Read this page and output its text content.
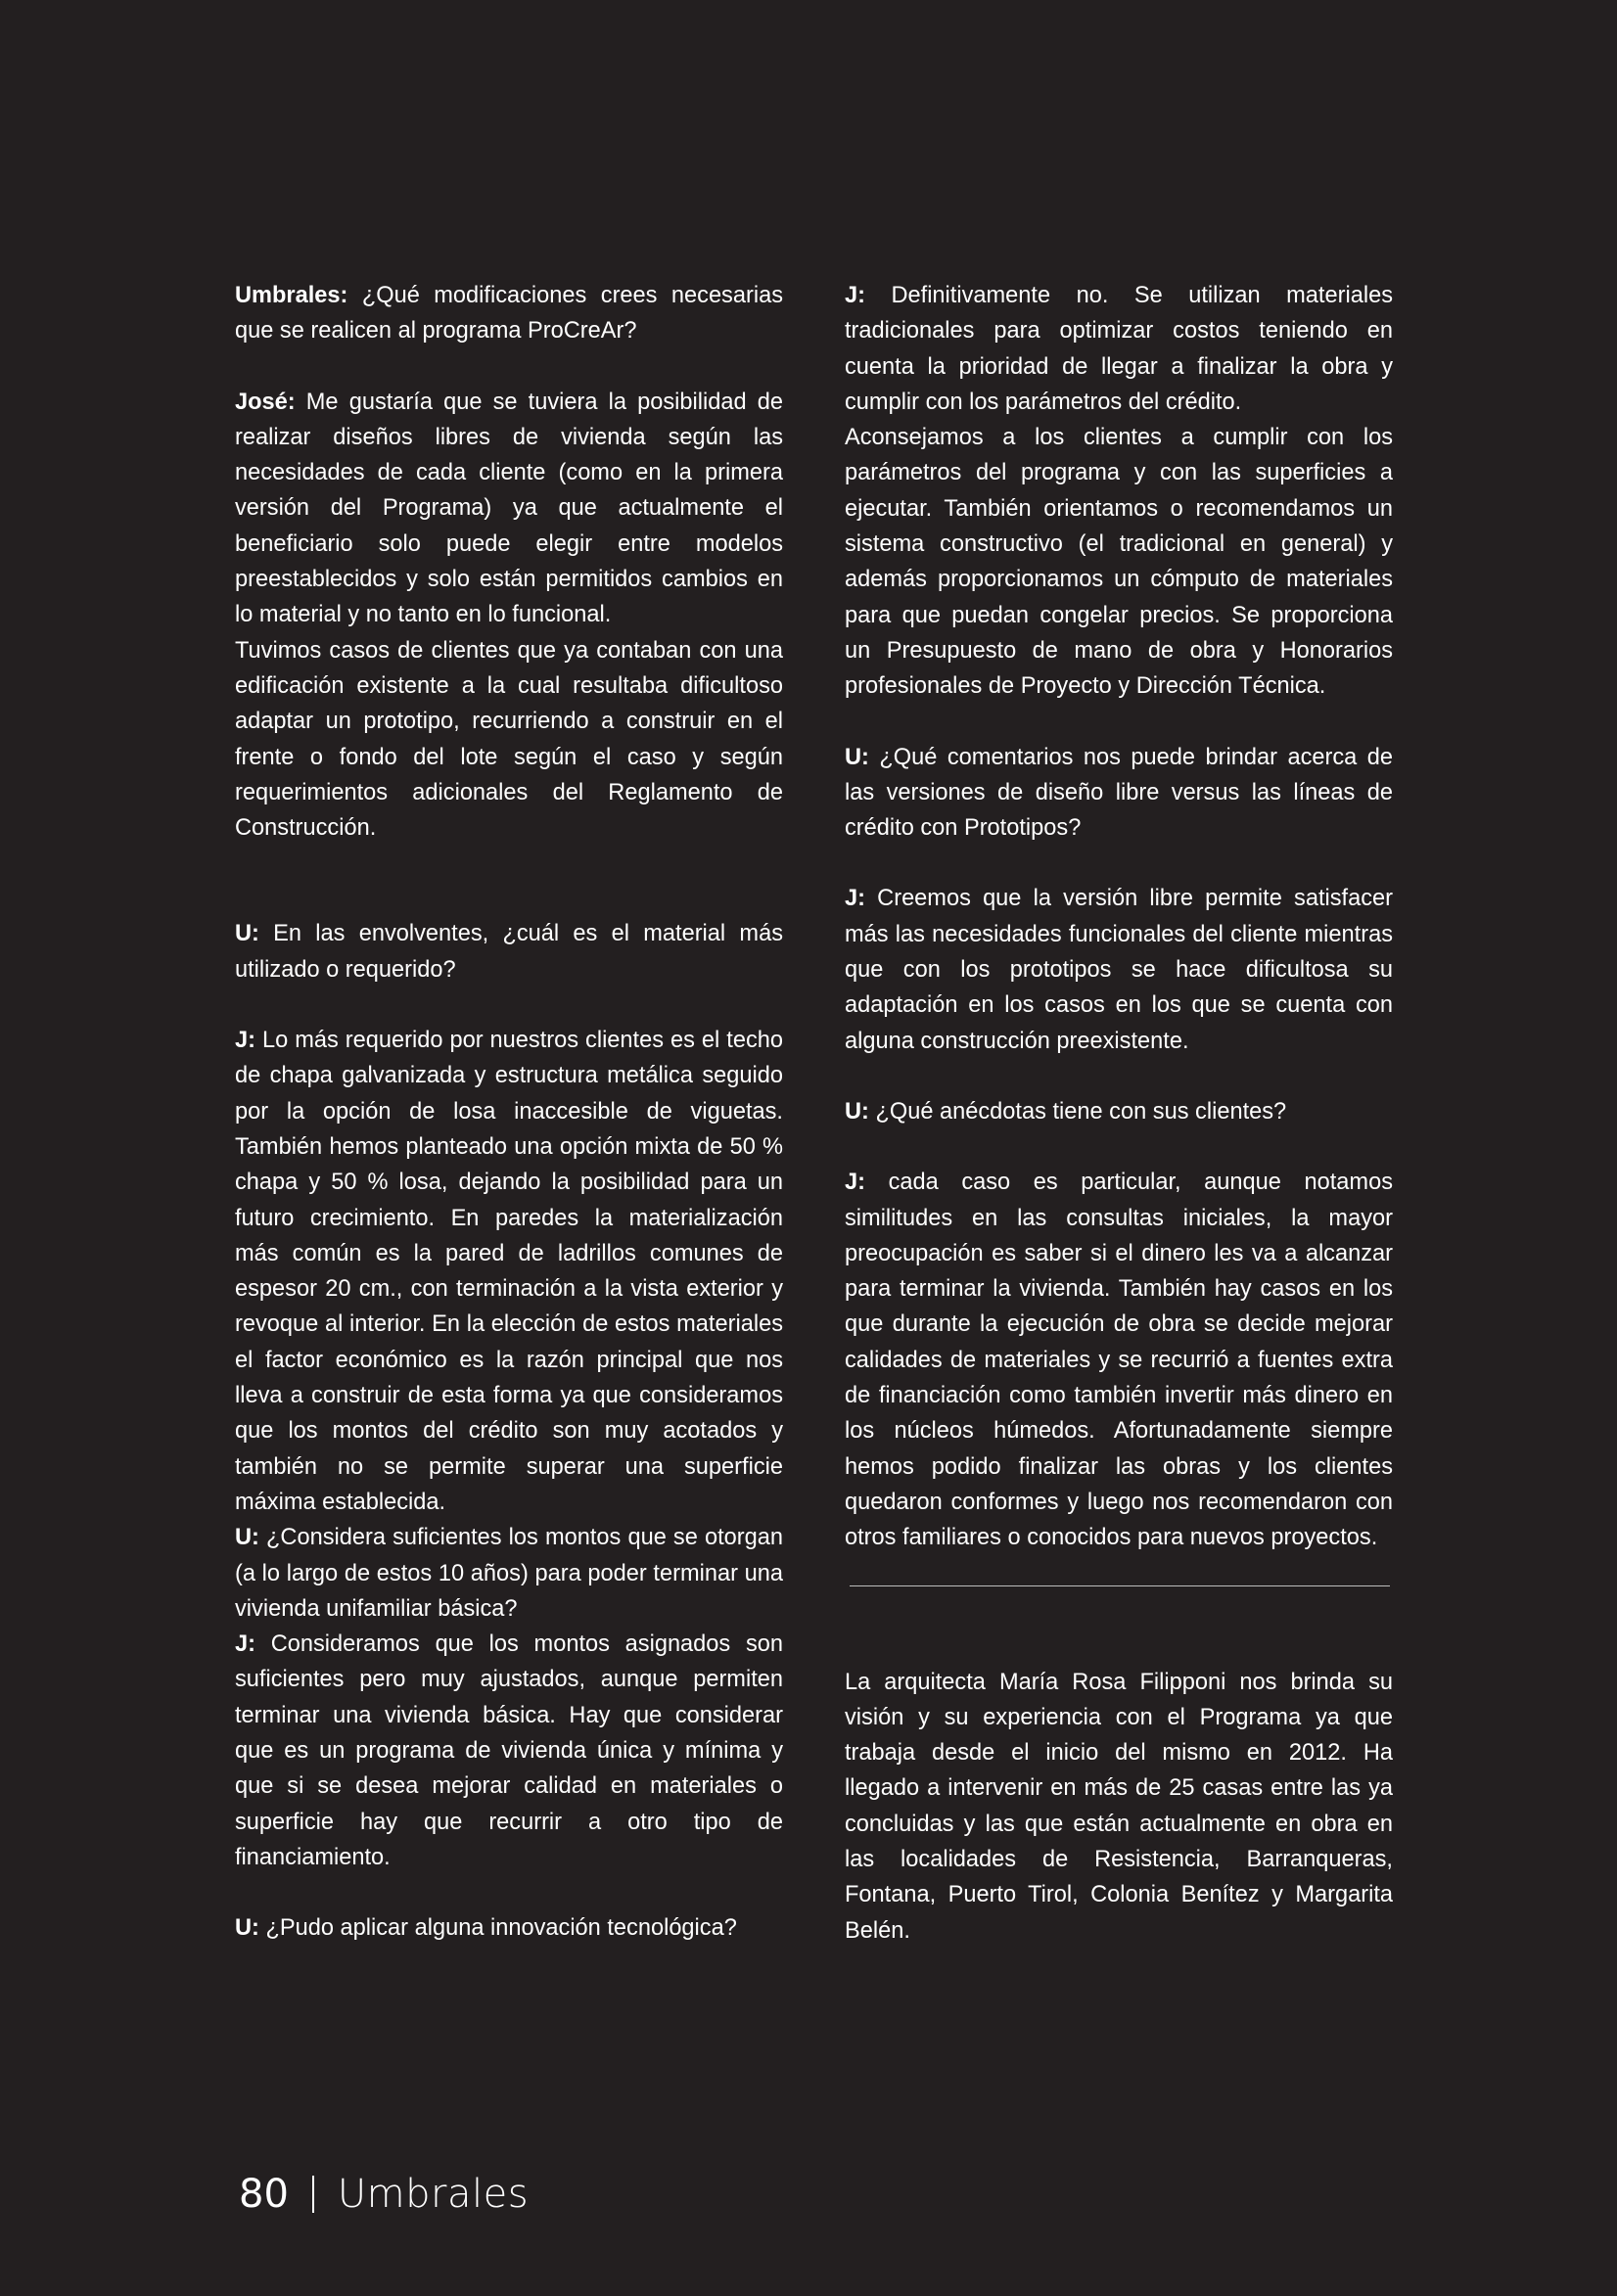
Umbrales: ¿Qué modificaciones crees necesarias que se realicen al programa ProCreAr?

José: Me gustaría que se tuviera la posibilidad de realizar diseños libres de vivienda según las necesidades de cada cliente (como en la primera versión del Programa) ya que actualmente el beneficiario solo puede elegir entre modelos preestablecidos y solo están permitidos cambios en lo material y no tanto en lo funcional.

Tuvimos casos de clientes que ya contaban con una edificación existente a la cual resultaba dificultoso adaptar un prototipo, recurriendo a construir en el frente o fondo del lote según el caso y según requerimientos adicionales del Reglamento de Construcción.

U: En las envolventes, ¿cuál es el material más utilizado o requerido?

J: Lo más requerido por nuestros clientes es el techo de chapa galvanizada y estructura metálica seguido por la opción de losa inaccesible de viguetas. También hemos planteado una opción mixta de 50 % chapa y 50 % losa, dejando la posibilidad para un futuro crecimiento. En paredes la materialización más común es la pared de ladrillos comunes de espesor 20 cm., con terminación a la vista exterior y revoque al interior. En la elección de estos materiales el factor económico es la razón principal que nos lleva a construir de esta forma ya que consideramos que los montos del crédito son muy acotados y también no se permite superar una superficie máxima establecida.

U: ¿Considera suficientes los montos que se otorgan (a lo largo de estos 10 años) para poder terminar una vivienda unifamiliar básica?

J: Consideramos que los montos asignados son suficientes pero muy ajustados, aunque permiten terminar una vivienda básica. Hay que considerar que es un programa de vivienda única y mínima y que si se desea mejorar calidad en materiales o superficie hay que recurrir a otro tipo de financiamiento.

U: ¿Pudo aplicar alguna innovación tecnológica?

J: Definitivamente no. Se utilizan materiales tradicionales para optimizar costos teniendo en cuenta la prioridad de llegar a finalizar la obra y cumplir con los parámetros del crédito.

Aconsejamos a los clientes a cumplir con los parámetros del programa y con las superficies a ejecutar. También orientamos o recomendamos un sistema constructivo (el tradicional en general) y además proporcionamos un cómputo de materiales para que puedan congelar precios. Se proporciona un Presupuesto de mano de obra y Honorarios profesionales de Proyecto y Dirección Técnica.

U: ¿Qué comentarios nos puede brindar acerca de las versiones de diseño libre versus las líneas de crédito con Prototipos?

J: Creemos que la versión libre permite satisfacer más las necesidades funcionales del cliente mientras que con los prototipos se hace dificultosa su adaptación en los casos en los que se cuenta con alguna construcción preexistente.

U: ¿Qué anécdotas tiene con sus clientes?

J: cada caso es particular, aunque notamos similitudes en las consultas iniciales, la mayor preocupación es saber si el dinero les va a alcanzar para terminar la vivienda. También hay casos en los que durante la ejecución de obra se decide mejorar calidades de materiales y se recurrió a fuentes extra de financiación como también invertir más dinero en los núcleos húmedos. Afortunadamente siempre hemos podido finalizar las obras y los clientes quedaron conformes y luego nos recomendaron con otros familiares o conocidos para nuevos proyectos.

La arquitecta María Rosa Filipponi nos brinda su visión y su experiencia con el Programa ya que trabaja desde el inicio del mismo en 2012. Ha llegado a intervenir en más de 25 casas entre las ya concluidas y las que están actualmente en obra en las localidades de Resistencia, Barranqueras, Fontana, Puerto Tirol, Colonia Benítez y Margarita Belén.

80 Umbrales
